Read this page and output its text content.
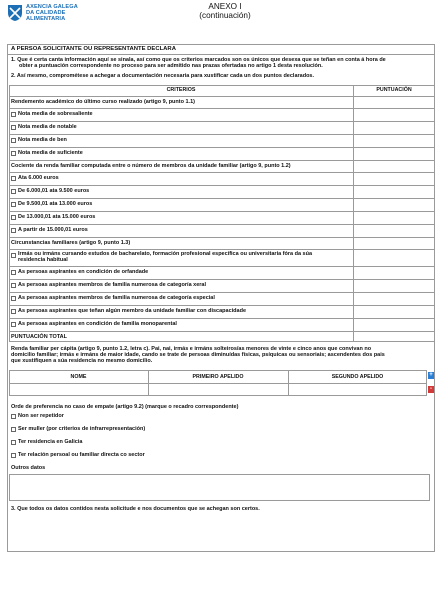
AXENCIA GALEGA
DA CALIDADE
ALIMENTARIA
ANEXO I
(continuación)
A PERSOA SOLICITANTE OU REPRESENTANTE DECLARA
1. Que é certa canta información aquí se sinala, así como que os criterios marcados son os únicos que desexa que se teñan en conta á hora de
obter a puntuación correspondente no proceso para ser admitido nas prazas ofertadas no artigo 1 desta resolución.
2. Así mesmo, comprométese a achegar a documentación necesaria para xustificar cada un dos puntos declarados.
CRITERIOS	PUNTUACIÓN
Rendemento académico do último curso realizado (artigo 9, punto 1.1)
Nota media de sobresaliente
Nota media de notable
Nota media de ben
Nota media de suficiente
Cociente da renda familiar computada entre o número de membros da unidade familiar (artigo 9, punto 1.2)
Ata 6.000 euros
De 6.000,01 ata 9.500 euros
De 9.500,01 ata 13.000 euros
De 13.000,01 ata 15.000 euros
A partir de 15.000,01 euros
Circunstancias familiares (artigo 9, punto 1.3)
Irmás ou irmáns cursando estudos de bacharelato, formación profesional específica ou universitaria fóra da súa
residencia habitual
As persoas aspirantes en condición de orfandade
As persoas aspirantes membros de familia numerosa de categoría xeral
As persoas aspirantes membros de familia numerosa de categoría especial
As persoas aspirantes que teñan algún membro da unidade familiar con discapacidade
As persoas aspirantes en condición de familia monoparental
PUNTUACIÓN TOTAL
Renda familiar per cápita (artigo 9, punto 1.2, letra c). Pai, nai, irmás e irmáns solteiros/as menores de vinte e cinco anos que convivan no
domicilio familiar; irmás e irmáns de maior idade, cando se trate de persoas diminuídas físicas, psíquicas ou sensoriais; ascendentes dos pais
que xustifiquen a súa residencia no mesmo domicilio.
NOME	PRIMEIRO APELIDO	SEGUNDO APELIDO	+
-
Orde de preferencia no caso de empate (artigo 9.2) (marque o recadro correspondente)
Non ser repetidor
Ser muller (por criterios de infrarrepresentación)
Ter residencia en Galicia
Ter relación persoal ou familiar directa co sector
Outros datos
3. Que todos os datos contidos nesta solicitude e nos documentos que se achegan son certos.
